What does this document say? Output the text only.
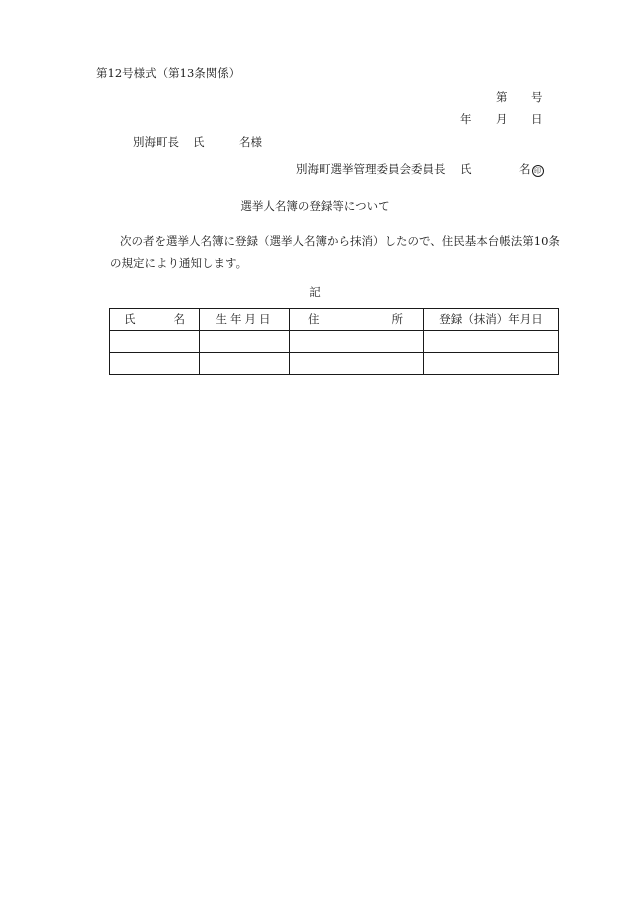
第12号様式（第13条関係）
第 号
年 月 日
別海町長 氏	名様
別海町選挙管理委員会委員長 氏	名 印
選挙人名簿の登録等について
次の者を選挙人名簿に登録（選挙人名簿から抹消）したので、住民基本台帳法第10条
の規定により通知します。
記
氏 名	生年月日	住 所	登録（抹消）年月日
